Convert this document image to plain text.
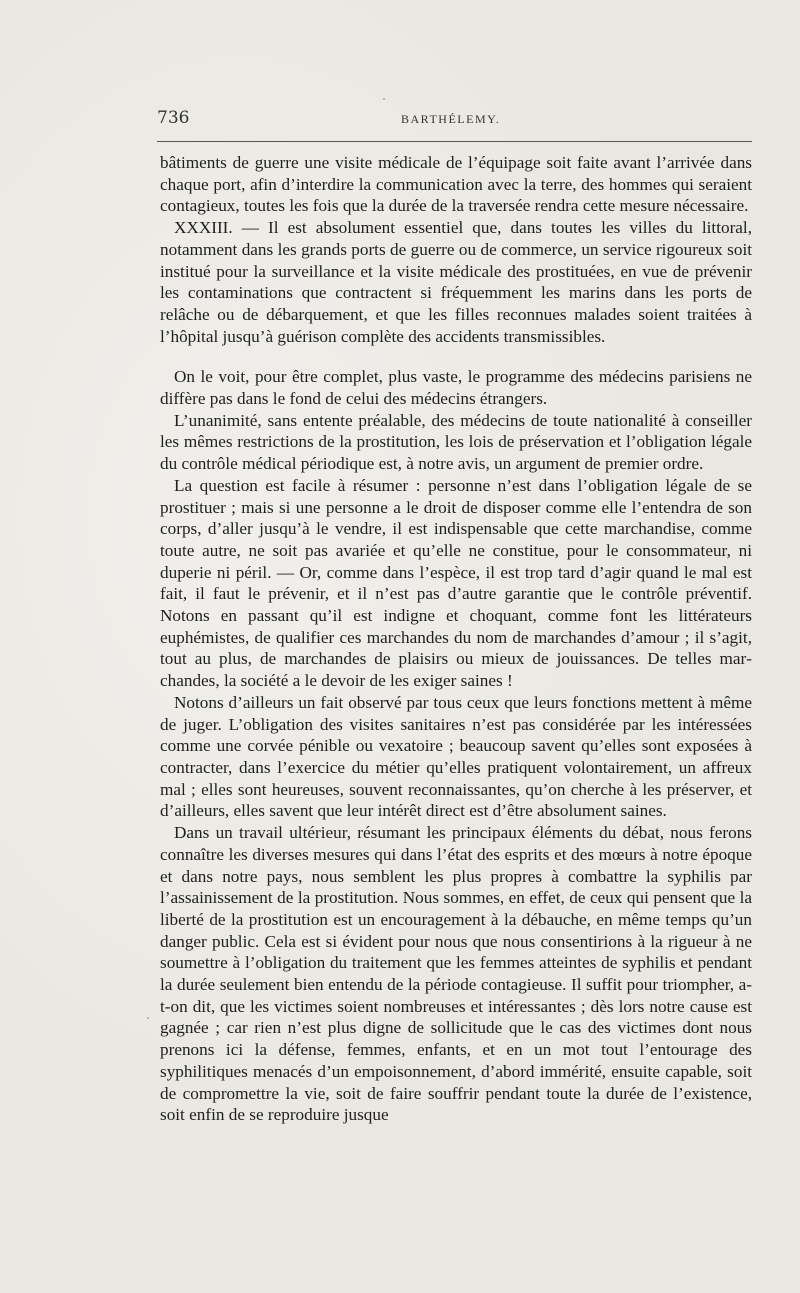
736	BARTHÉLEMY.

bâtiments de guerre une visite médicale de l’équipage soit faite avant l’arrivée dans chaque port, afin d’interdire la communication avec la terre, des hommes qui seraient contagieux, toutes les fois que la durée de la traversée rendra cette mesure nécessaire.

XXXIII. — Il est absolument essentiel que, dans toutes les villes du littoral, notamment dans les grands ports de guerre ou de commerce, un service rigoureux soit institué pour la surveillance et la visite médicale des prostituées, en vue de prévenir les contaminations que contractent si fréquemment les marins dans les ports de relâche ou de débarquement, et que les filles reconnues malades soient traitées à l’hôpital jusqu’à guérison complète des accidents transmissibles.

On le voit, pour être complet, plus vaste, le programme des médecins parisiens ne diffère pas dans le fond de celui des médecins étrangers.

L’unanimité, sans entente préalable, des médecins de toute nationalité à conseiller les mêmes restrictions de la prostitution, les lois de préservation et l’obligation légale du contrôle médical périodique est, à notre avis, un argument de premier ordre.

La question est facile à résumer : personne n’est dans l’obligation légale de se prostituer ; mais si une personne a le droit de disposer comme elle l’entendra de son corps, d’aller jusqu’à le vendre, il est indispensable que cette marchandise, comme toute autre, ne soit pas avariée et qu’elle ne constitue, pour le consommateur, ni duperie ni péril. — Or, comme dans l’espèce, il est trop tard d’agir quand le mal est fait, il faut le prévenir, et il n’est pas d’autre garantie que le contrôle préventif. Notons en passant qu’il est indigne et choquant, comme font les littérateurs euphémistes, de qualifier ces marchandes du nom de marchandes d’amour ; il s’agit, tout au plus, de marchandes de plaisirs ou mieux de jouissances. De telles marchandes, la société a le devoir de les exiger saines !

Notons d’ailleurs un fait observé par tous ceux que leurs fonctions mettent à même de juger. L’obligation des visites sanitaires n’est pas considérée par les intéressées comme une corvée pénible ou vexatoire ; beaucoup savent qu’elles sont exposées à contracter, dans l’exercice du métier qu’elles pratiquent volontairement, un affreux mal ; elles sont heureuses, souvent reconnaissantes, qu’on cherche à les préserver, et d’ailleurs, elles savent que leur intérêt direct est d’être absolument saines.

Dans un travail ultérieur, résumant les principaux éléments du débat, nous ferons connaître les diverses mesures qui dans l’état des esprits et des mœurs à notre époque et dans notre pays, nous semblent les plus propres à combattre la syphilis par l’assainissement de la prostitution. Nous sommes, en effet, de ceux qui pensent que la liberté de la prostitution est un encouragement à la débauche, en même temps qu’un danger public. Cela est si évident pour nous que nous consentirions à la rigueur à ne soumettre à l’obligation du traitement que les femmes atteintes de syphilis et pendant la durée seulement bien entendu de la période contagieuse. Il suffit pour triompher, a-t-on dit, que les victimes soient nombreuses et intéressantes ; dès lors notre cause est gagnée ; car rien n’est plus digne de sollicitude que le cas des victimes dont nous prenons ici la défense, femmes, enfants, et en un mot tout l’entourage des syphilitiques menacés d’un empoisonnement, d’abord immérité, ensuite capable, soit de compromettre la vie, soit de faire souffrir pendant toute la durée de l’existence, soit enfin de se reproduire jusque
